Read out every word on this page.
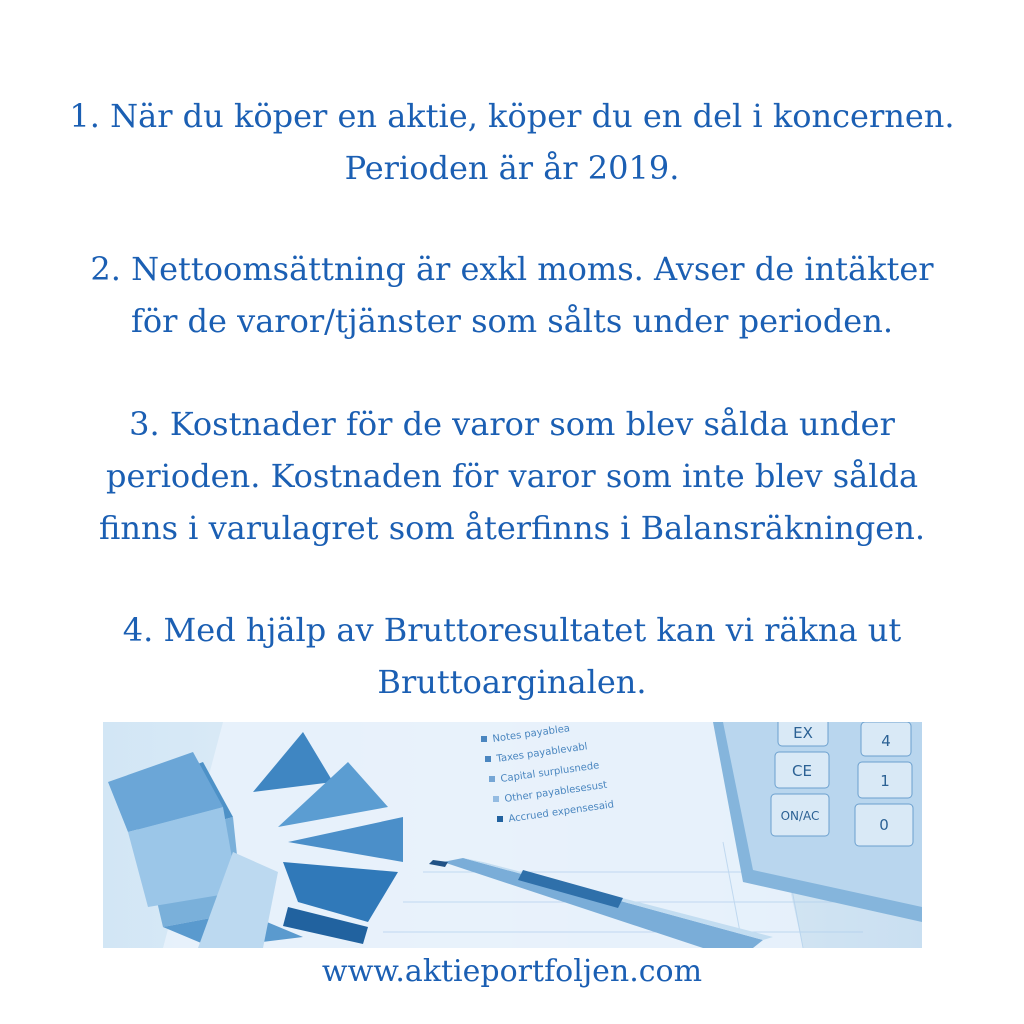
1. När du köper en aktie, köper du en del i koncernen.
Perioden är år 2019.
2. Nettoomsättning är exkl moms. Avser de intäkter
för de varor/tjänster som sålts under perioden.
3. Kostnader för de varor som blev sålda under
perioden. Kostnaden för varor som inte blev sålda
finns i varulagret som återfinns i Balansräkningen.
4. Med hjälp av Bruttoresultatet kan vi räkna ut
Bruttoarginalen.
Notes payablea
Taxes payablevabl
Capital surplusnede
Other payablesesust
Accrued expensesaid
EX	4
CE
1
ON/AC	0
www.aktieportfoljen.com
